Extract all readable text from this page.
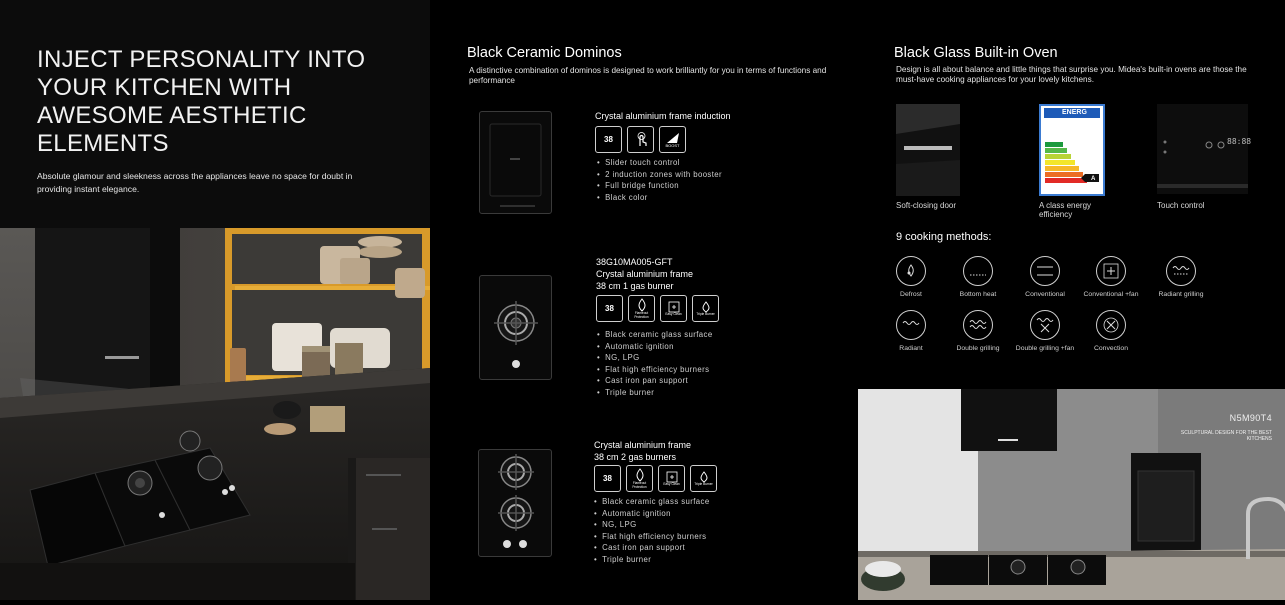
INJECT PERSONALITY INTO YOUR KITCHEN WITH AWESOME AESTHETIC ELEMENTS
Absolute glamour and sleekness across the appliances leave no space for doubt in providing instant elegance.
Black Ceramic Dominos
A distinctive combination of dominos is designed to work brilliantly for you in terms of functions and performance
Crystal aluminium frame induction
38
BOOST
• Slider touch control
• 2 induction zones with booster
• Full bridge function
• Black color
38G10MA005-GFT
Crystal aluminium frame
38 cm 1 gas burner
38
Flameout Protection
Easy Clean	Triple Burner
• Black ceramic glass surface
• Automatic ignition
• NG, LPG
• Flat high efficiency burners
• Cast iron pan support
• Triple burner
Crystal aluminium frame
38 cm 2 gas burners
38
Flameout Protection
Easy Clean	Triple Burner
• Black ceramic glass surface
• Automatic ignition
• NG, LPG
• Flat high efficiency burners
• Cast iron pan support
• Triple burner
Black Glass Built-in Oven
Design is all about balance and little things that surprise you. Midea's built-in ovens are those the must-have cooking appliances for your lovely kitchens.
Soft-closing door
ENERG
A
A class energy efficiency
88:88
Touch control
9 cooking methods:
Defrost	Bottom heat	Conventional	Conventional +fan	Radiant grilling
Radiant	Double grilling	Double grilling +fan	Convection
N5M90T4
SCULPTURAL DESIGN FOR THE BEST KITCHENS
